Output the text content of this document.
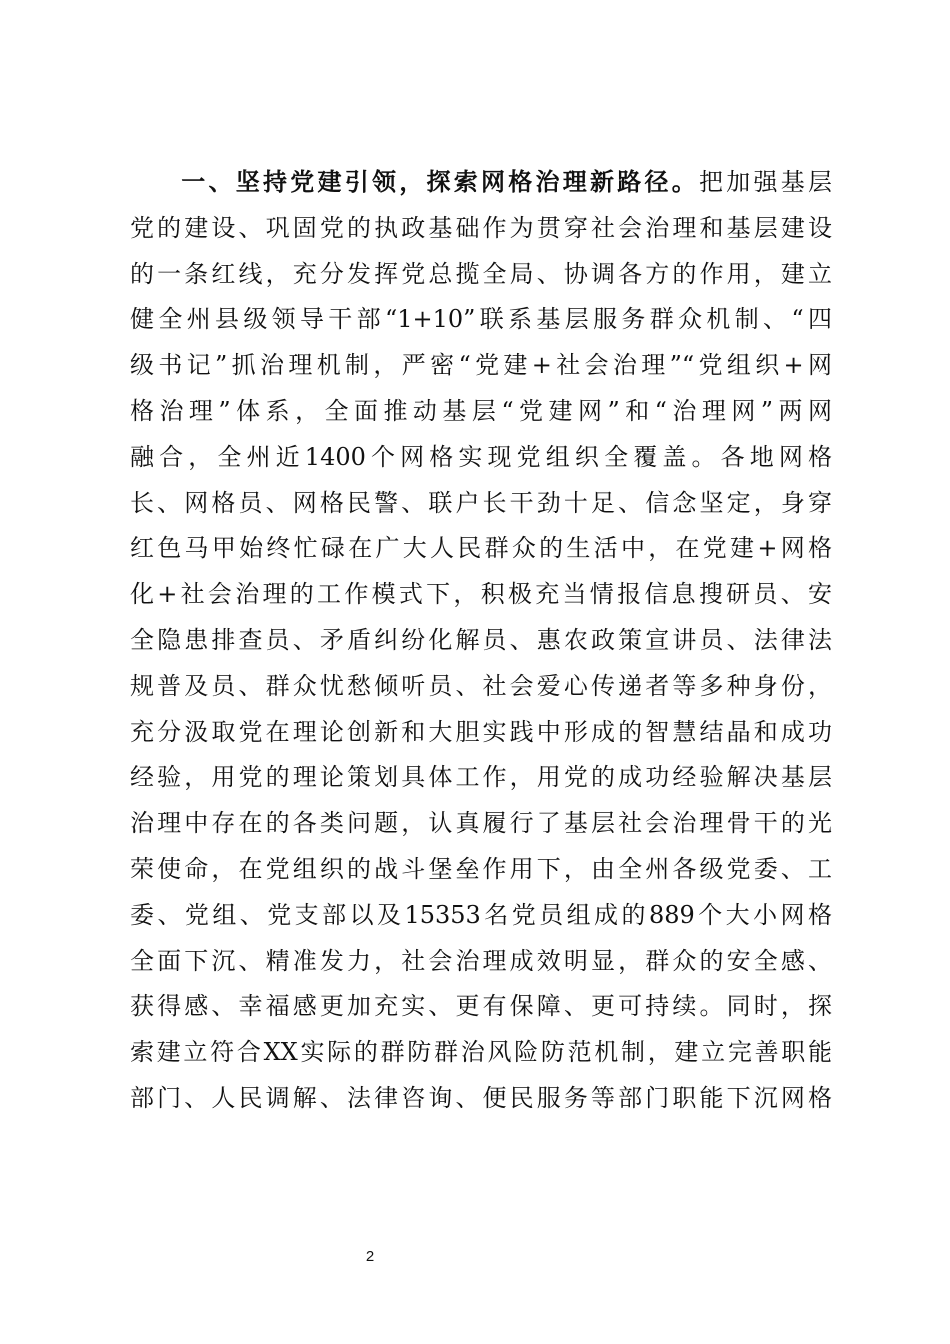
一、坚持党建引领，探索网格治理新路径。把加强基层
党的建设、巩固党的执政基础作为贯穿社会治理和基层建设
的一条红线，充分发挥党总揽全局、协调各方的作用，建立
健全州县级领导干部“1+10”联系基层服务群众机制、“四
级书记”抓治理机制，严密“党建+社会治理”“党组织+网
格治理”体系，全面推动基层“党建网”和“治理网”两网
融合，全州近1400个网格实现党组织全覆盖。各地网格
长、网格员、网格民警、联户长干劲十足、信念坚定，身穿
红色马甲始终忙碌在广大人民群众的生活中，在党建+网格
化+社会治理的工作模式下，积极充当情报信息搜研员、安
全隐患排查员、矛盾纠纷化解员、惠农政策宣讲员、法律法
规普及员、群众忧愁倾听员、社会爱心传递者等多种身份，
充分汲取党在理论创新和大胆实践中形成的智慧结晶和成功
经验，用党的理论策划具体工作，用党的成功经验解决基层
治理中存在的各类问题，认真履行了基层社会治理骨干的光
荣使命，在党组织的战斗堡垒作用下，由全州各级党委、工
委、党组、党支部以及15353名党员组成的889个大小网格
全面下沉、精准发力，社会治理成效明显，群众的安全感、
获得感、幸福感更加充实、更有保障、更可持续。同时，探
索建立符合XX实际的群防群治风险防范机制，建立完善职能
部门、人民调解、法律咨询、便民服务等部门职能下沉网格
2
